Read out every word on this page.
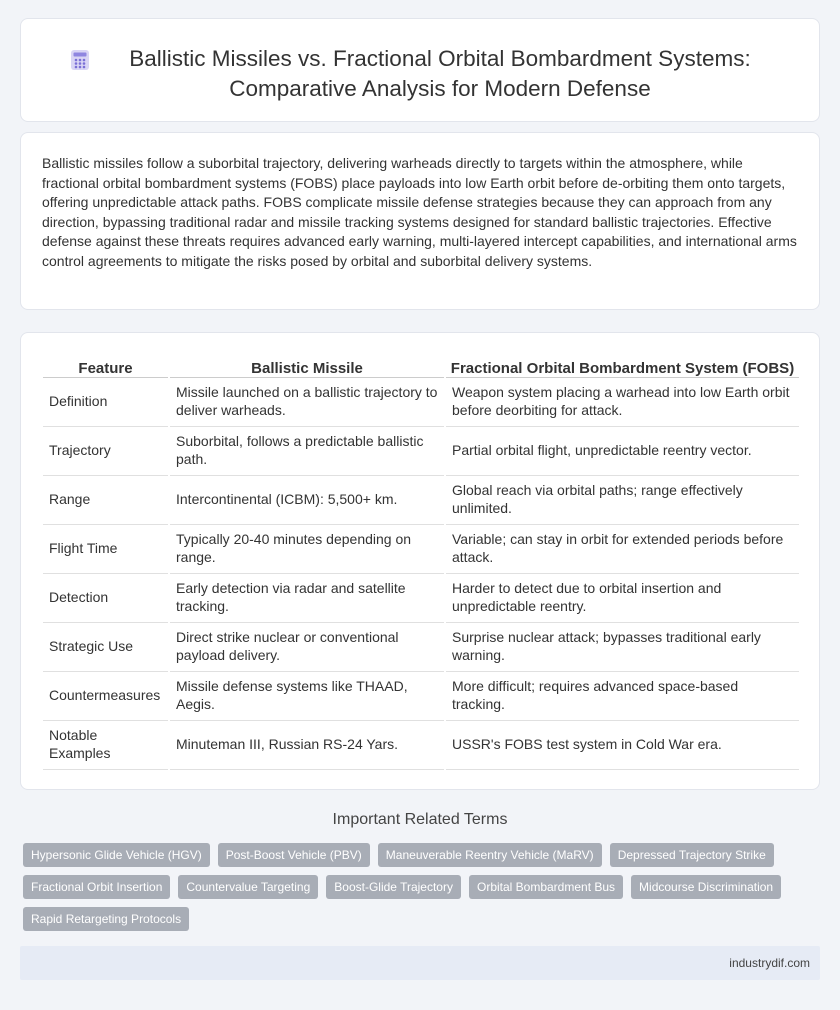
Ballistic Missiles vs. Fractional Orbital Bombardment Systems: Comparative Analysis for Modern Defense

Ballistic missiles follow a suborbital trajectory, delivering warheads directly to targets within the atmosphere, while fractional orbital bombardment systems (FOBS) place payloads into low Earth orbit before de-orbiting them onto targets, offering unpredictable attack paths. FOBS complicate missile defense strategies because they can approach from any direction, bypassing traditional radar and missile tracking systems designed for standard ballistic trajectories. Effective defense against these threats requires advanced early warning, multi-layered intercept capabilities, and international arms control agreements to mitigate the risks posed by orbital and suborbital delivery systems.

Feature	Ballistic Missile	Fractional Orbital Bombardment System (FOBS)
Definition	Missile launched on a ballistic trajectory to deliver warheads.	Weapon system placing a warhead into low Earth orbit before deorbiting for attack.
Trajectory	Suborbital, follows a predictable ballistic path.	Partial orbital flight, unpredictable reentry vector.
Range	Intercontinental (ICBM): 5,500+ km.	Global reach via orbital paths; range effectively unlimited.
Flight Time	Typically 20-40 minutes depending on range.	Variable; can stay in orbit for extended periods before attack.
Detection	Early detection via radar and satellite tracking.	Harder to detect due to orbital insertion and unpredictable reentry.
Strategic Use	Direct strike nuclear or conventional payload delivery.	Surprise nuclear attack; bypasses traditional early warning.
Countermeasures	Missile defense systems like THAAD, Aegis.	More difficult; requires advanced space-based tracking.
Notable Examples	Minuteman III, Russian RS-24 Yars.	USSR's FOBS test system in Cold War era.
Important Related Terms
Hypersonic Glide Vehicle (HGV)	Post-Boost Vehicle (PBV)	Maneuverable Reentry Vehicle (MaRV)	Depressed Trajectory Strike
Fractional Orbit Insertion	Countervalue Targeting	Boost-Glide Trajectory	Orbital Bombardment Bus	Midcourse Discrimination
Rapid Retargeting Protocols
industrydif.com
